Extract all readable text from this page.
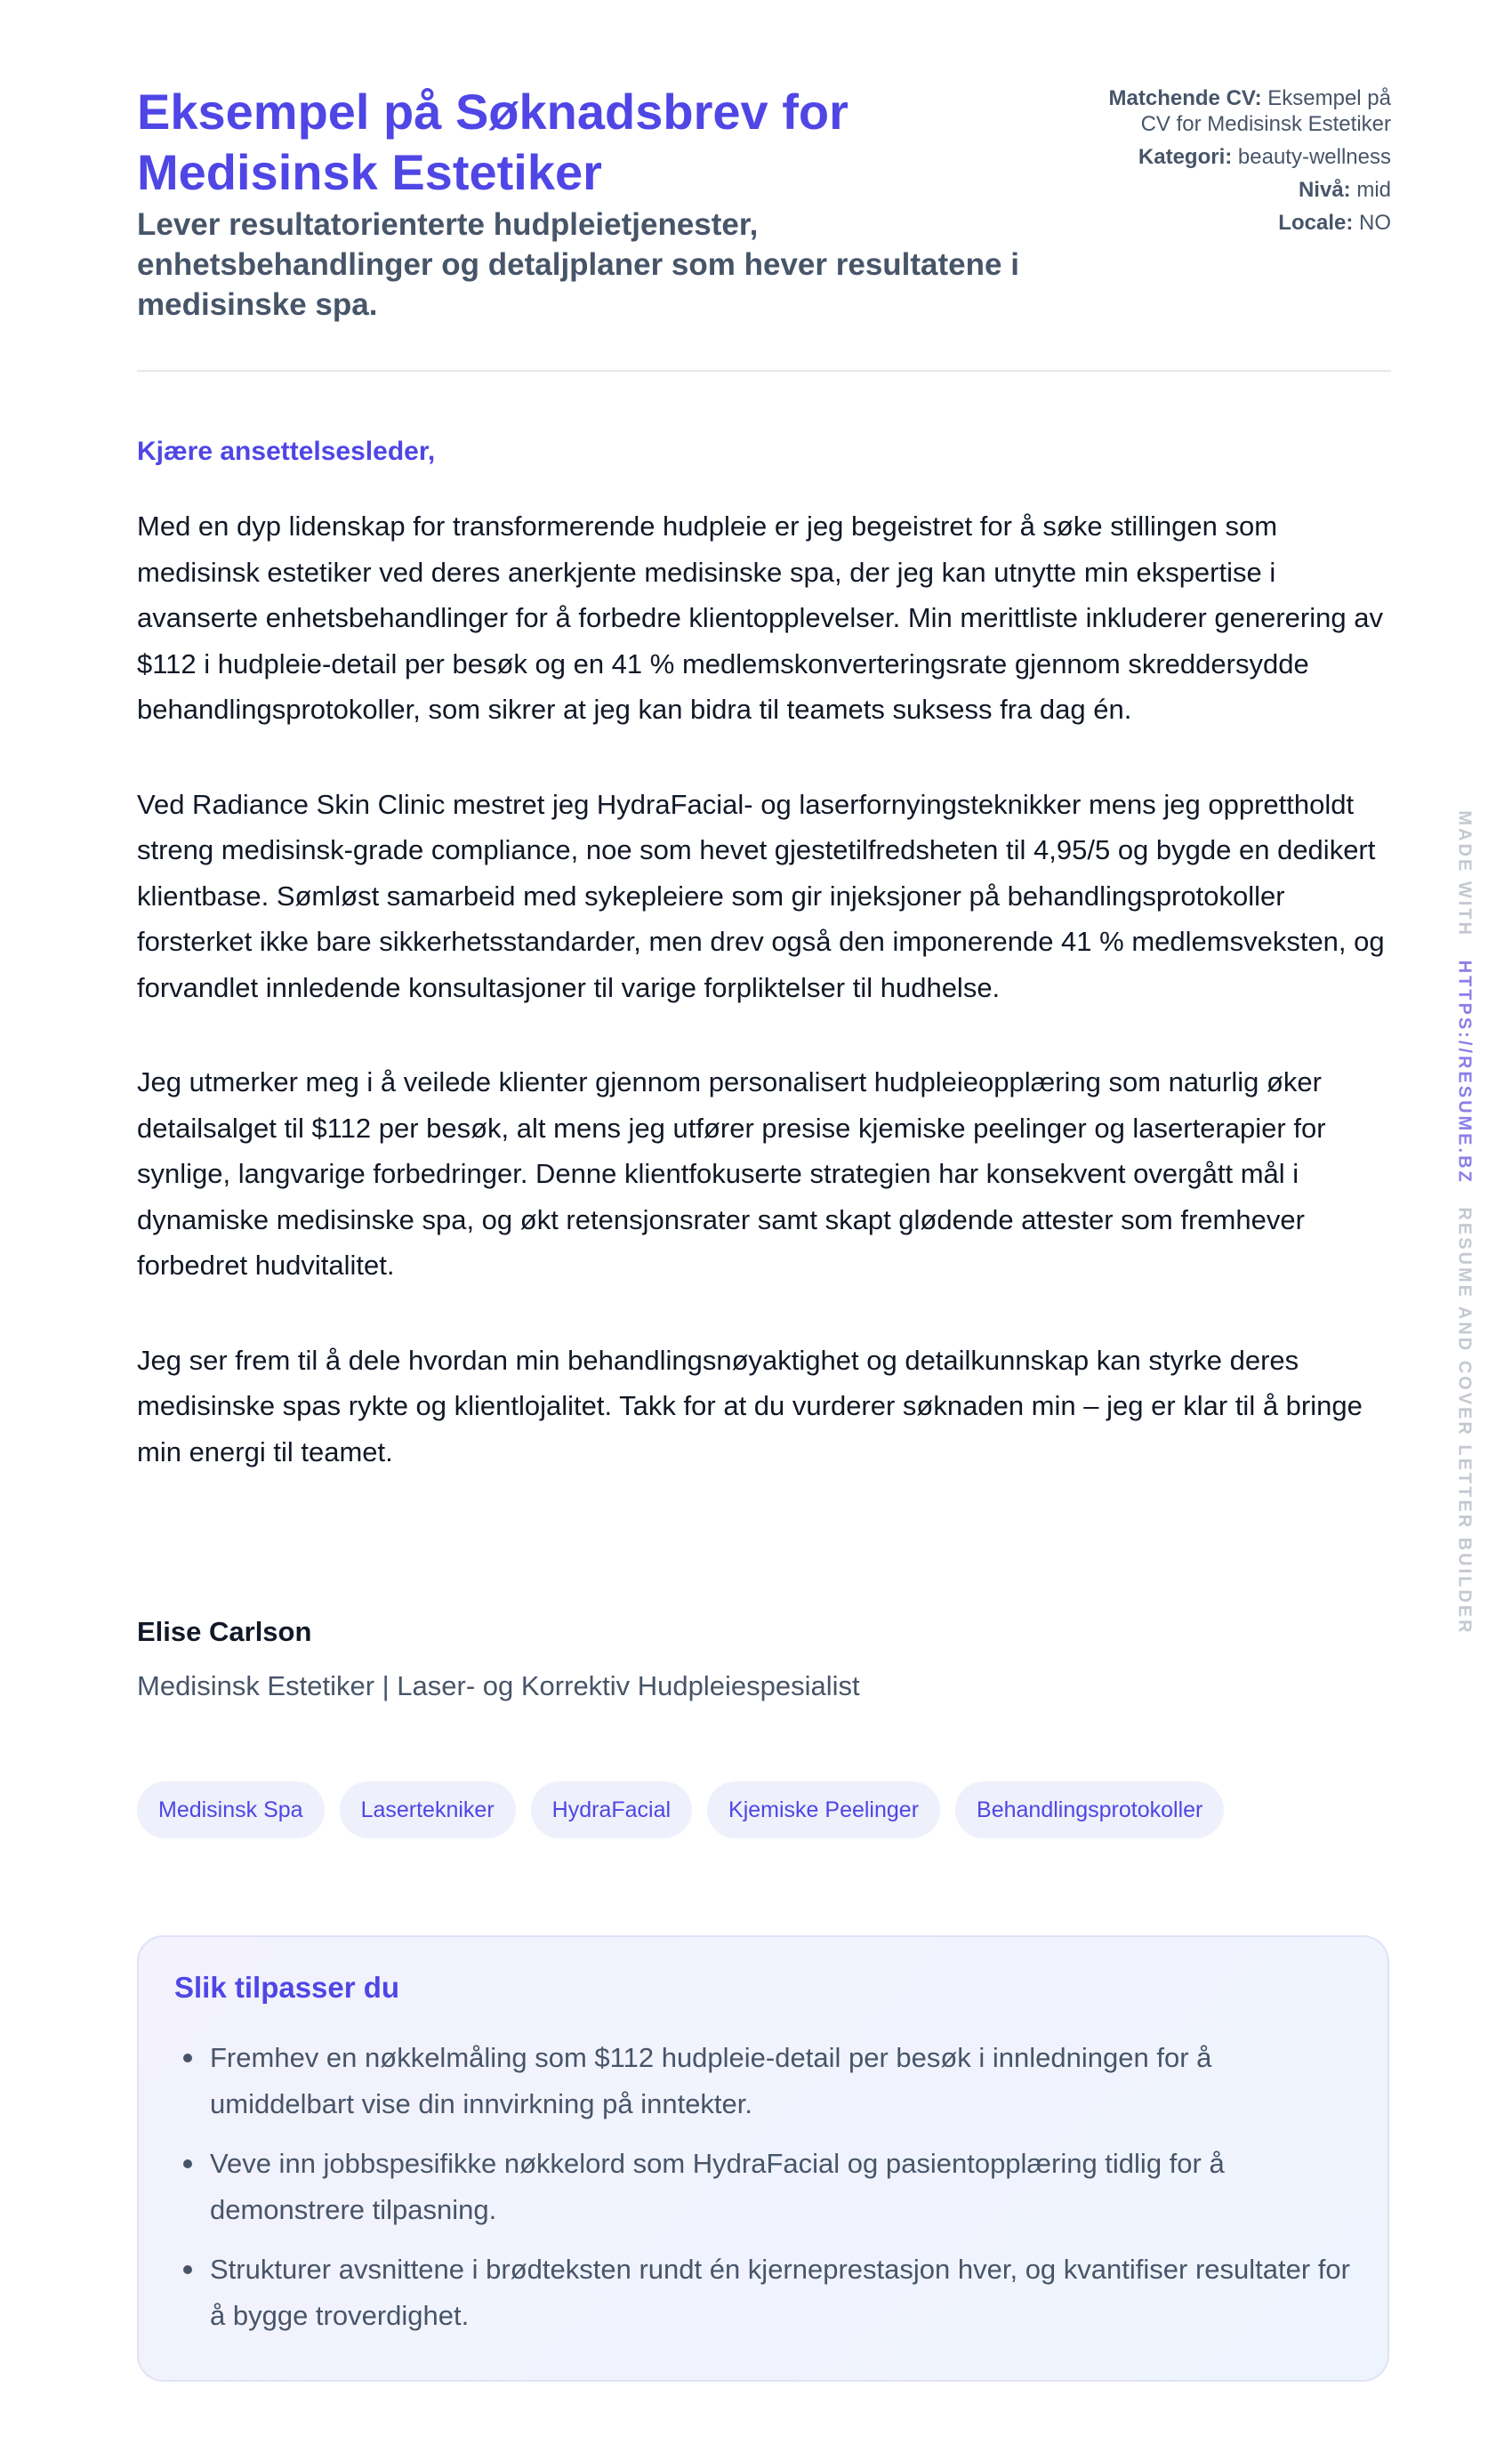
Eksempel på Søknadsbrev for Medisinsk Estetiker
Lever resultatorienterte hudpleietjenester, enhetsbehandlinger og detaljplaner som hever resultatene i medisinske spa.
Matchende CV: Eksempel på CV for Medisinsk Estetiker
Kategori: beauty-wellness
Nivå: mid
Locale: NO

Kjære ansettelsesleder,

Med en dyp lidenskap for transformerende hudpleie er jeg begeistret for å søke stillingen som medisinsk estetiker ved deres anerkjente medisinske spa, der jeg kan utnytte min ekspertise i avanserte enhetsbehandlinger for å forbedre klientopplevelser. Min merittliste inkluderer generering av $112 i hudpleie-detail per besøk og en 41 % medlemskonverteringsrate gjennom skreddersydde behandlingsprotokoller, som sikrer at jeg kan bidra til teamets suksess fra dag én.

Ved Radiance Skin Clinic mestret jeg HydraFacial- og laserfornyingsteknikker mens jeg opprettholdt streng medisinsk-grade compliance, noe som hevet gjestetilfredsheten til 4,95/5 og bygde en dedikert klientbase. Sømløst samarbeid med sykepleiere som gir injeksjoner på behandlingsprotokoller forsterket ikke bare sikkerhetsstandarder, men drev også den imponerende 41 % medlemsveksten, og forvandlet innledende konsultasjoner til varige forpliktelser til hudhelse.

Jeg utmerker meg i å veilede klienter gjennom personalisert hudpleieopplæring som naturlig øker detailsalget til $112 per besøk, alt mens jeg utfører presise kjemiske peelinger og laserterapier for synlige, langvarige forbedringer. Denne klientfokuserte strategien har konsekvent overgått mål i dynamiske medisinske spa, og økt retensjonsrater samt skapt glødende attester som fremhever forbedret hudvitalitet.

Jeg ser frem til å dele hvordan min behandlingsnøyaktighet og detailkunnskap kan styrke deres medisinske spas rykte og klientlojalitet. Takk for at du vurderer søknaden min – jeg er klar til å bringe min energi til teamet.

Elise Carlson

Medisinsk Estetiker | Laser- og Korrektiv Hudpleiespesialist

Medisinsk Spa	Lasertekniker	HydraFacial	Kjemiske Peelinger	Behandlingsprotokoller
Slik tilpasser du
Fremhev en nøkkelmåling som $112 hudpleie-detail per besøk i innledningen for å umiddelbart vise din innvirkning på inntekter.
Veve inn jobbspesifikke nøkkelord som HydraFacial og pasientopplæring tidlig for å demonstrere tilpasning.
Strukturer avsnittene i brødteksten rundt én kjerneprestasjon hver, og kvantifiser resultater for å bygge troverdighet.
MADE WITH   HTTPS://RESUME.BZ   RESUME AND COVER LETTER BUILDER
